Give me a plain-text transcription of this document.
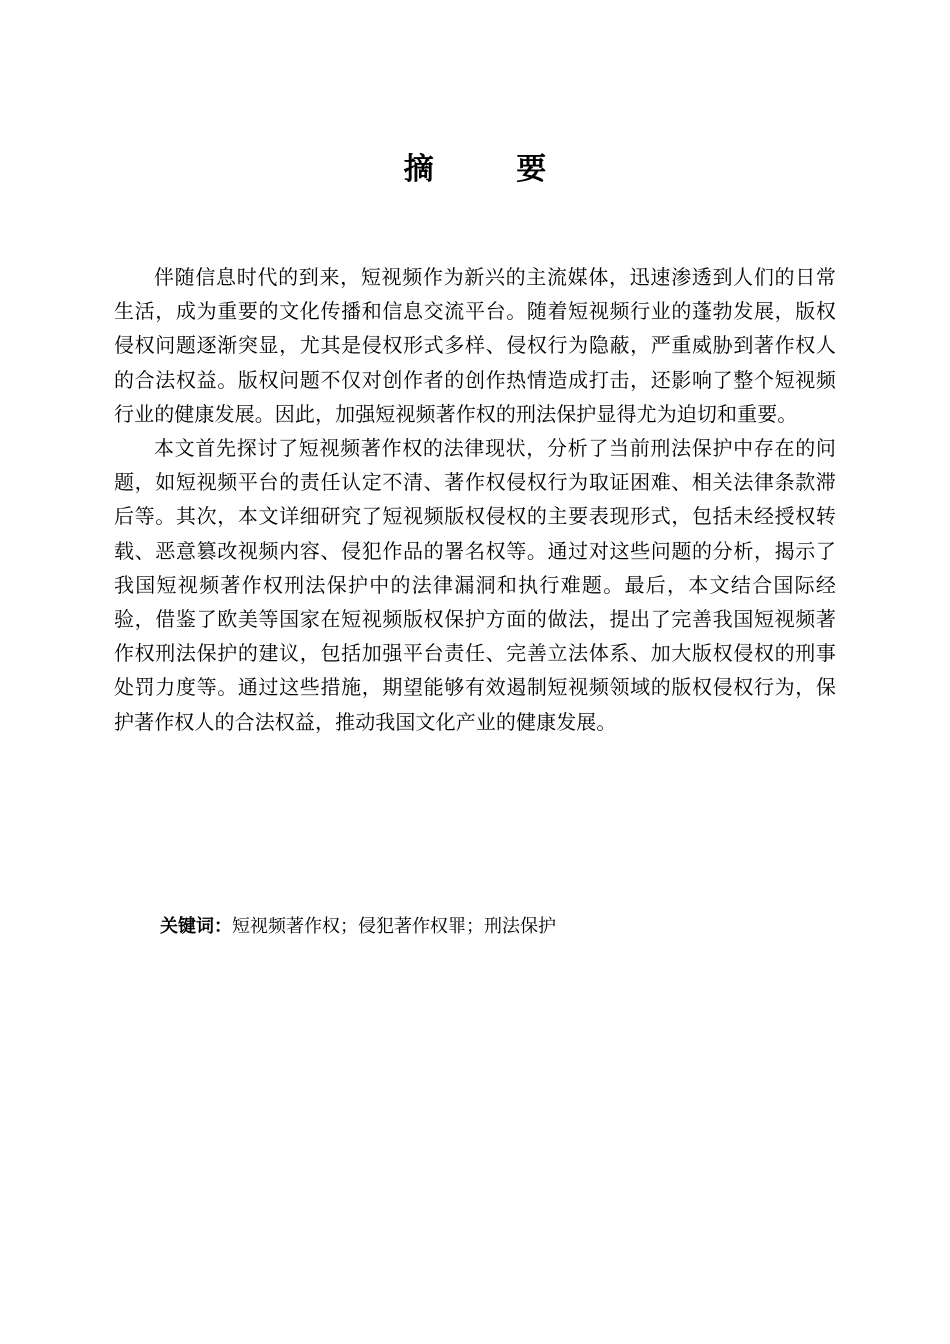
摘 要

伴随信息时代的到来，短视频作为新兴的主流媒体，迅速渗透到人们的日常生活，成为重要的文化传播和信息交流平台。随着短视频行业的蓬勃发展，版权侵权问题逐渐突显，尤其是侵权形式多样、侵权行为隐蔽，严重威胁到著作权人的合法权益。版权问题不仅对创作者的创作热情造成打击，还影响了整个短视频行业的健康发展。因此，加强短视频著作权的刑法保护显得尤为迫切和重要。

本文首先探讨了短视频著作权的法律现状，分析了当前刑法保护中存在的问题，如短视频平台的责任认定不清、著作权侵权行为取证困难、相关法律条款滞后等。其次，本文详细研究了短视频版权侵权的主要表现形式，包括未经授权转载、恶意篡改视频内容、侵犯作品的署名权等。通过对这些问题的分析，揭示了我国短视频著作权刑法保护中的法律漏洞和执行难题。最后，本文结合国际经验，借鉴了欧美等国家在短视频版权保护方面的做法，提出了完善我国短视频著作权刑法保护的建议，包括加强平台责任、完善立法体系、加大版权侵权的刑事处罚力度等。通过这些措施，期望能够有效遏制短视频领域的版权侵权行为，保护著作权人的合法权益，推动我国文化产业的健康发展。

关键词：短视频著作权；侵犯著作权罪；刑法保护
